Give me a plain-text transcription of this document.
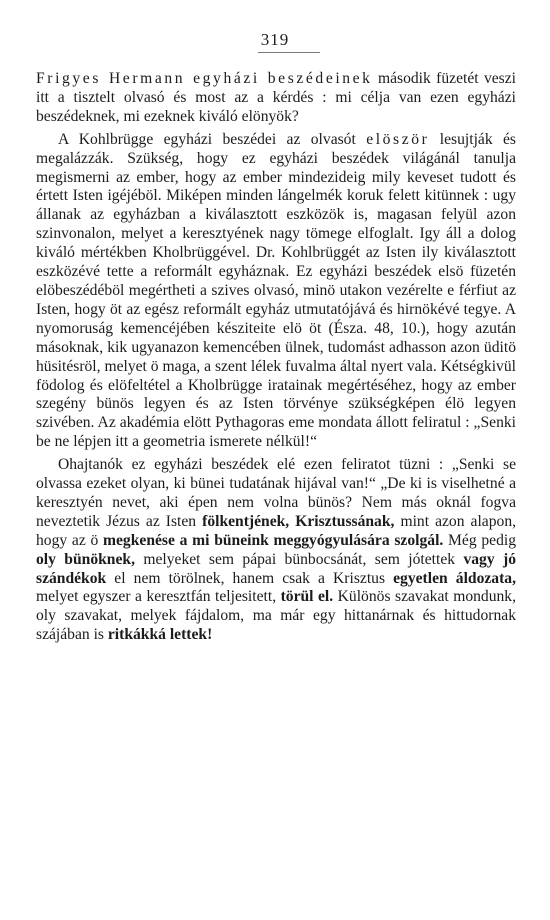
319

Frigyes Hermann egyházi beszédeinek második füzetét veszi itt a tisztelt olvasó és most az a kérdés : mi célja van ezen egyházi beszédeknek, mi ezeknek kiváló elönyök?

A Kohlbrügge egyházi beszédei az olvasót elöször lesujtják és megalázzák. Szükség, hogy ez egyházi beszédek világánál tanulja megismerni az ember, hogy az ember mindezideig mily keveset tudott és értett Isten igéjéböl. Miképen minden lángelmék koruk felett kitünnek : ugy állanak az egyházban a kiválasztott eszközök is, magasan felyül azon szinvonalon, melyet a keresztyének nagy tömege elfoglalt. Igy áll a dolog kiváló mértékben Kholbrüggével. Dr. Kohlbrüggét az Isten ily kiválasztott eszközévé tette a reformált egyháznak. Ez egyházi beszédek elsö füzetén elöbeszédéböl megértheti a szives olvasó, minö utakon vezérelte e férfiut az Isten, hogy öt az egész reformált egyház utmutatójává és hirnökévé tegye. A nyomoruság kemencéjében késziteite elö öt (Észa. 48, 10.), hogy azután másoknak, kik ugyanazon kemencében ülnek, tudomást adhasson azon üditö hüsitésröl, melyet ö maga, a szent lélek fuvalma által nyert vala. Kétségkivül födolog és elöfeltétel a Kholbrügge iratainak megértéséhez, hogy az ember szegény bünös legyen és az Isten törvénye szükségképen élö legyen szivében. Az akadémia elött Pythagoras eme mondata állott feliratul : „Senki be ne lépjen itt a geometria ismerete nélkül!“

Ohajtanók ez egyházi beszédek elé ezen feliratot tüzni : „Senki se olvassa ezeket olyan, ki bünei tudatának hijával van!“ „De ki is viselhetné a keresztyén nevet, aki épen nem volna bünös? Nem más oknál fogva neveztetik Jézus az Isten fölkentjének, Krisztussának, mint azon alapon, hogy az ö megkenése a mi büneink meggyógyulására szolgál. Még pedig oly bünöknek, melyeket sem pápai bünbocsánát, sem jótettek vagy jó szándékok el nem törölnek, hanem csak a Krisztus egyetlen áldozata, melyet egyszer a keresztfán teljesitett, törül el. Különös szavakat mondunk, oly szavakat, melyek fájdalom, ma már egy hittanárnak és hittudornak szájában is ritkákká lettek!
